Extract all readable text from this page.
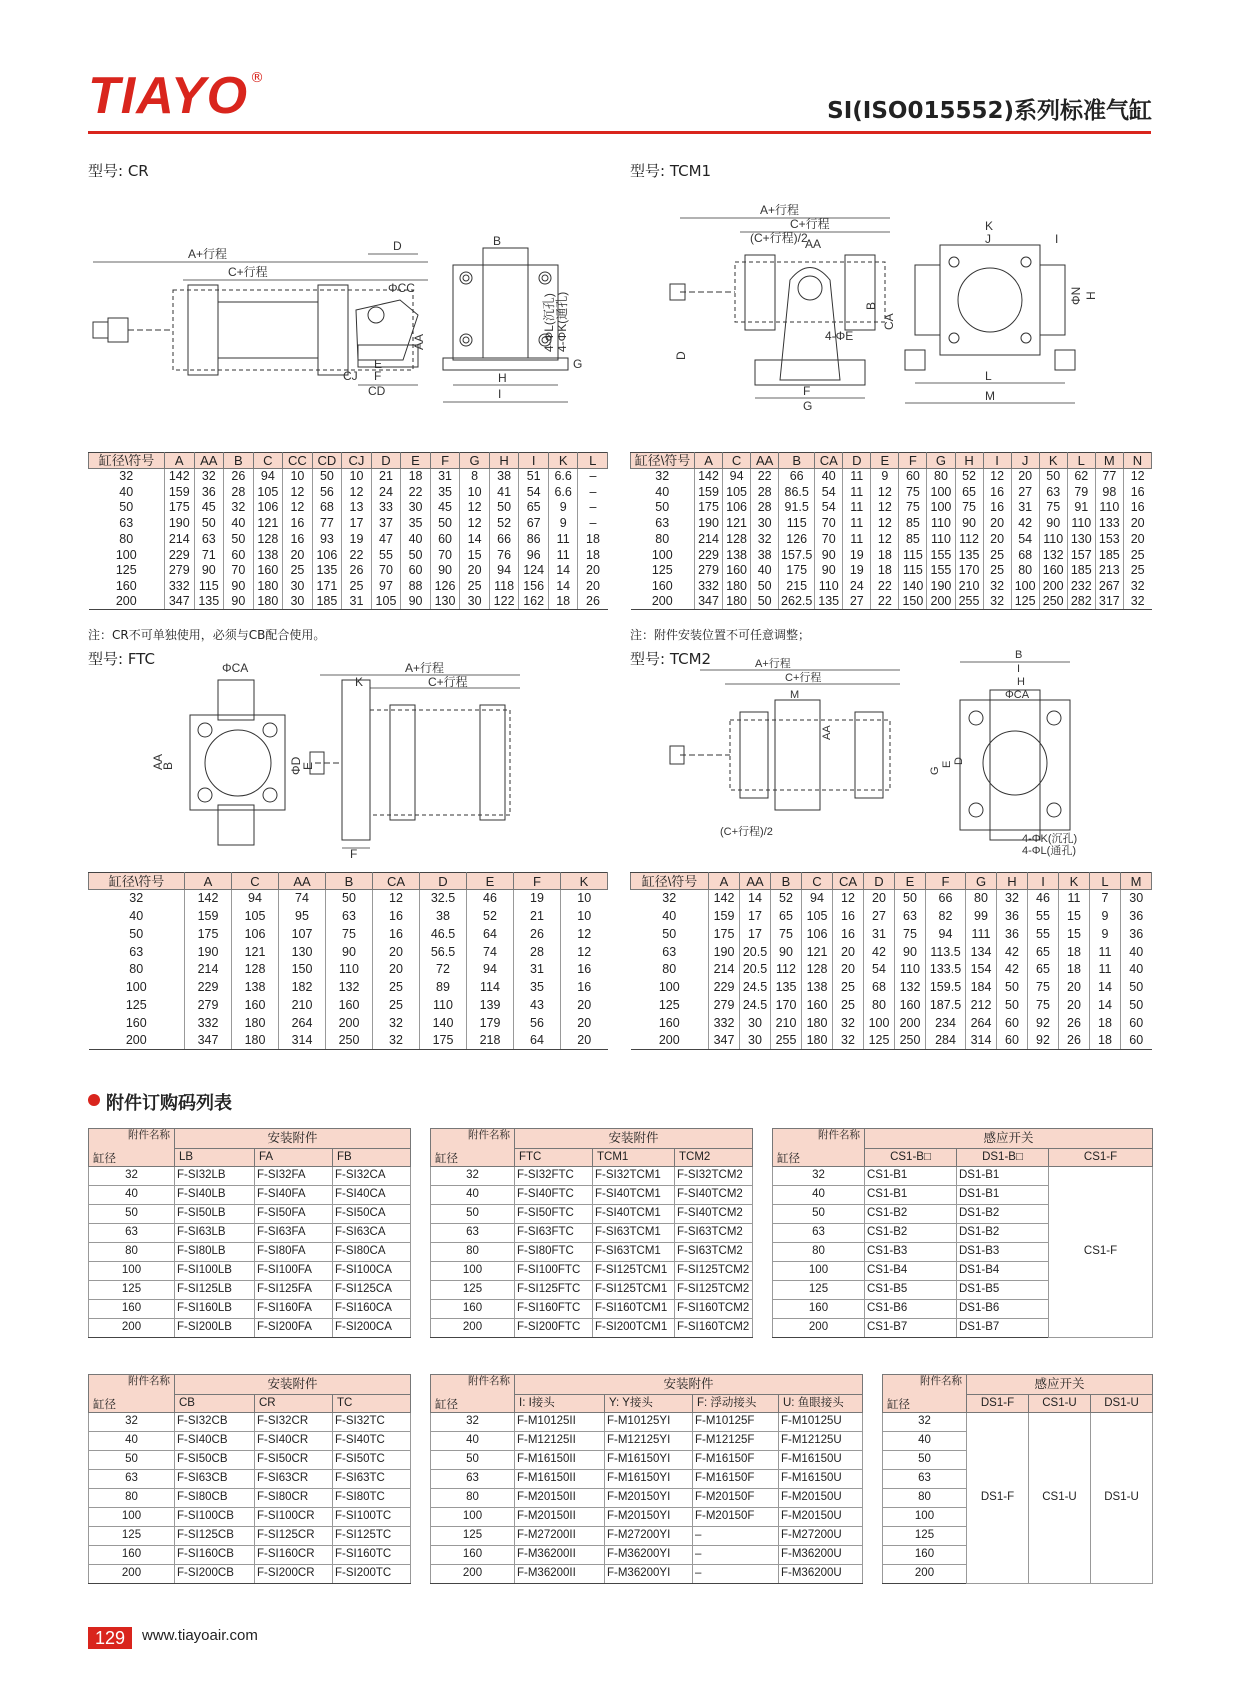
TIAYO ®
SI(ISO015552)系列标准气缸
型号: CR	型号: TCM1
型号: FTC	型号: TCM2
A+行程
C+行程
ΦCC
D
AA
CJ
CD
E
F
B
4-ΦL(沉孔) 4-ΦK(通孔)
G
H
I
A+行程
C+行程
(C+行程)/2
AA
4-ΦE
B
CA
D
F
G
K
J	I
ΦN H
L
M
缸径\符号	A	AA	B	C	CC	CD	CJ	D	E	F	G	H	I	K	L
32	142	32	26	94	10	50	10	21	18	31	8	38	51	6.6	–
40	159	36	28	105	12	56	12	24	22	35	10	41	54	6.6	–
50	175	45	32	106	12	68	13	33	30	45	12	50	65	9	–
63	190	50	40	121	16	77	17	37	35	50	12	52	67	9	–
80	214	63	50	128	16	93	19	47	40	60	14	66	86	11	18
100	229	71	60	138	20	106	22	55	50	70	15	76	96	11	18
125	279	90	70	160	25	135	26	70	60	90	20	94	124	14	20
160	332	115	90	180	30	171	25	97	88	126	25	118	156	14	20
200	347	135	90	180	30	185	31	105	90	130	30	122	162	18	26
注：CR不可单独使用，必须与CB配合使用。
缸径\符号	A	C	AA	B	CA	D	E	F	G	H	I	J	K	L	M	N
32	142	94	22	66	40	11	9	60	80	52	12	20	50	62	77	12
40	159	105	28	86.5	54	11	12	75	100	65	16	27	63	79	98	16
50	175	106	28	91.5	54	11	12	75	100	75	16	31	75	91	110	16
63	190	121	30	115	70	11	12	85	110	90	20	42	90	110	133	20
80	214	128	32	126	70	11	12	85	110	112	20	54	110	130	153	20
100	229	138	38	157.5	90	19	18	115	155	135	25	68	132	157	185	25
125	279	160	40	175	90	19	18	115	155	170	25	80	160	185	213	25
160	332	180	50	215	110	24	22	140	190	210	32	100	200	232	267	32
200	347	180	50	262.5	135	27	22	150	200	255	32	125	250	282	317	32
注：附件安装位置不可任意调整；
ΦCA
AA
B	ΦD
E
A+行程
C+行程
K
F
A+行程
C+行程
M
AA
(C+行程)/2
B
I
H
ΦCA
G
E D
4-ΦK(沉孔)
4-ΦL(通孔)
缸径\符号	A	C	AA	B	CA	D	E	F	K
32	142	94	74	50	12	32.5	46	19	10
40	159	105	95	63	16	38	52	21	10
50	175	106	107	75	16	46.5	64	26	12
63	190	121	130	90	20	56.5	74	28	12
80	214	128	150	110	20	72	94	31	16
100	229	138	182	132	25	89	114	35	16
125	279	160	210	160	25	110	139	43	20
160	332	180	264	200	32	140	179	56	20
200	347	180	314	250	32	175	218	64	20
缸径\符号	A	AA	B	C	CA	D	E	F	G	H	I	K	L	M
32	142	14	52	94	12	20	50	66	80	32	46	11	7	30
40	159	17	65	105	16	27	63	82	99	36	55	15	9	36
50	175	17	75	106	16	31	75	94	111	36	55	15	9	36
63	190	20.5	90	121	20	42	90	113.5	134	42	65	18	11	40
80	214	20.5	112	128	20	54	110	133.5	154	42	65	18	11	40
100	229	24.5	135	138	25	68	132	159.5	184	50	75	20	14	50
125	279	24.5	170	160	25	80	160	187.5	212	50	75	20	14	50
160	332	30	210	180	32	100	200	234	264	60	92	26	18	60
200	347	30	255	180	32	125	250	284	314	60	92	26	18	60
附件订购码列表
附件名称
缸径	安装附件			
	LB	FA	FB	
32	F-SI32LB	F-SI32FA	F-SI32CA	
40	F-SI40LB	F-SI40FA	F-SI40CA	
50	F-SI50LB	F-SI50FA	F-SI50CA	
63	F-SI63LB	F-SI63FA	F-SI63CA	
80	F-SI80LB	F-SI80FA	F-SI80CA	
100	F-SI100LB	F-SI100FA	F-SI100CA	
125	F-SI125LB	F-SI125FA	F-SI125CA	
160	F-SI160LB	F-SI160FA	F-SI160CA	
200	F-SI200LB	F-SI200FA	F-SI200CA	
附件名称
缸径	安装附件		
	FTC	TCM1	TCM2
32	F-SI32FTC	F-SI32TCM1	F-SI32TCM2
40	F-SI40FTC	F-SI40TCM1	F-SI40TCM2
50	F-SI50FTC	F-SI40TCM1	F-SI40TCM2
63	F-SI63FTC	F-SI63TCM1	F-SI63TCM2
80	F-SI80FTC	F-SI63TCM1	F-SI63TCM2
100	F-SI100FTC	F-SI125TCM1	F-SI125TCM2
125	F-SI125FTC	F-SI125TCM1	F-SI125TCM2
160	F-SI160FTC	F-SI160TCM1	F-SI160TCM2
200	F-SI200FTC	F-SI200TCM1	F-SI160TCM2
附件名称
缸径	感应开关		
	CS1-B□	DS1-B□	CS1-F
32	CS1-B1	DS1-B1	CS1-F
40	CS1-B1	DS1-B1	
50	CS1-B2	DS1-B2	
63	CS1-B2	DS1-B2	
80	CS1-B3	DS1-B3	
100	CS1-B4	DS1-B4	
125	CS1-B5	DS1-B5	
160	CS1-B6	DS1-B6	
200	CS1-B7	DS1-B7	
附件名称
缸径	安装附件		
	CB	CR	TC
32	F-SI32CB	F-SI32CR	F-SI32TC
40	F-SI40CB	F-SI40CR	F-SI40TC
50	F-SI50CB	F-SI50CR	F-SI50TC
63	F-SI63CB	F-SI63CR	F-SI63TC
80	F-SI80CB	F-SI80CR	F-SI80TC
100	F-SI100CB	F-SI100CR	F-SI100TC
125	F-SI125CB	F-SI125CR	F-SI125TC
160	F-SI160CB	F-SI160CR	F-SI160TC
200	F-SI200CB	F-SI200CR	F-SI200TC
附件名称
缸径	安装附件			
	I: I接头	Y: Y接头	F: 浮动接头	U: 鱼眼接头
32	F-M10125II	F-M10125YI	F-M10125F	F-M10125U
40	F-M12125II	F-M12125YI	F-M12125F	F-M12125U
50	F-M16150II	F-M16150YI	F-M16150F	F-M16150U
63	F-M16150II	F-M16150YI	F-M16150F	F-M16150U
80	F-M20150II	F-M20150YI	F-M20150F	F-M20150U
100	F-M20150II	F-M20150YI	F-M20150F	F-M20150U
125	F-M27200II	F-M27200YI	–	F-M27200U
160	F-M36200II	F-M36200YI	–	F-M36200U
200	F-M36200II	F-M36200YI	–	F-M36200U
附件名称
缸径	感应开关		
	DS1-F	CS1-U	DS1-U
32	DS1-F	CS1-U	DS1-U
40			
50			
63			
80			
100			
125			
160			
200			
129	www.tiayoair.com
